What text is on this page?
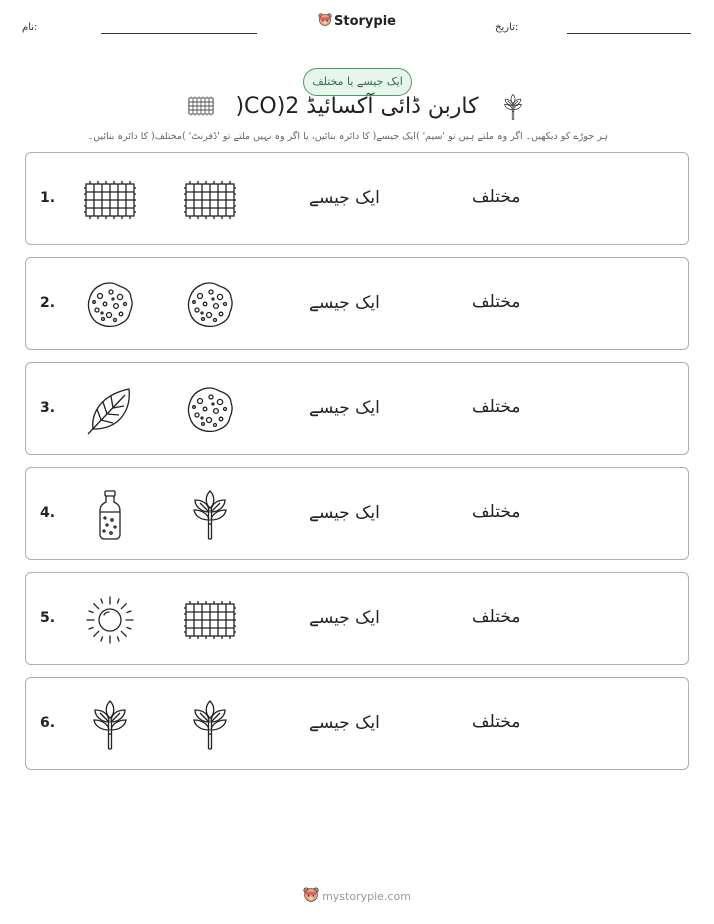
نام:	Storypie	تاریخ:
ایک جیسے یا مختلف
کاربن ڈائی آکسائیڈ CO)2(
ہر جوڑے کو دیکھیں۔ اگر وہ ملتے ہیں تو 'سیم' )ایک جیسے( کا دائرہ بنائیں، یا اگر وہ نہیں ملتے تو 'ڈفرنٹ' )مختلف( کا دائرہ بنائیں۔
1.	ایک جیسے	مختلف
2.	ایک جیسے	مختلف
3.	ایک جیسے	مختلف
4.	ایک جیسے	مختلف
5.	ایک جیسے	مختلف
6.	ایک جیسے	مختلف
mystorypie.com
